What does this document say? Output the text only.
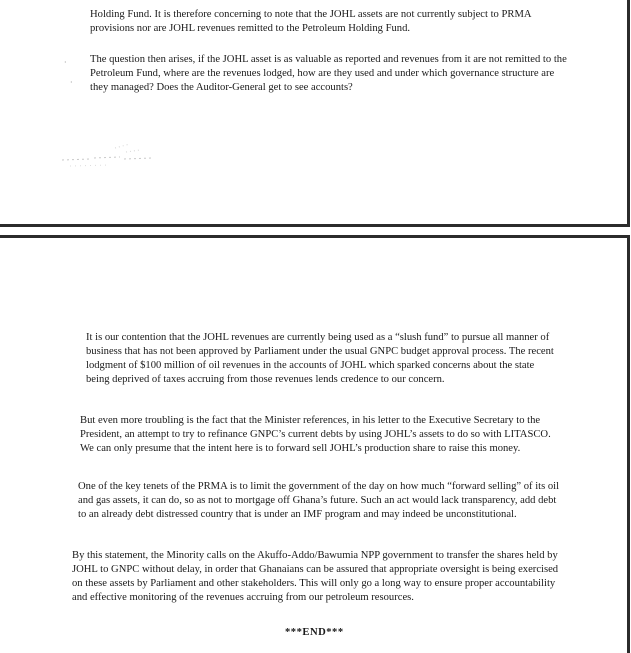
Holding Fund. It is therefore concerning to note that the JOHL assets are not currently subject to PRMA provisions nor are JOHL revenues remitted to the Petroleum Holding Fund.

The question then arises, if the JOHL asset is as valuable as reported and revenues from it are not remitted to the Petroleum Fund, where are the revenues lodged, how are they used and under which governance structure are they managed? Does the Auditor-General get to see accounts?

·
·

It is our contention that the JOHL revenues are currently being used as a “slush fund” to pursue all manner of business that has not been approved by Parliament under the usual GNPC budget approval process. The recent lodgment of $100 million of oil revenues in the accounts of JOHL which sparked concerns about the state being deprived of taxes accruing from those revenues lends credence to our concern.

But even more troubling is the fact that the Minister references, in his letter to the Executive Secretary to the President, an attempt to try to refinance GNPC’s current debts by using JOHL’s assets to do so with LITASCO. We can only presume that the intent here is to forward sell JOHL’s production share to raise this money.

One of the key tenets of the PRMA is to limit the government of the day on how much “forward selling” of its oil and gas assets, it can do, so as not to mortgage off Ghana’s future. Such an act would lack transparency, add debt to an already debt distressed country that is under an IMF program and may indeed be unconstitutional.

By this statement, the Minority calls on the Akuffo-Addo/Bawumia NPP government to transfer the shares held by JOHL to GNPC without delay, in order that Ghanaians can be assured that appropriate oversight is being exercised on these assets by Parliament and other stakeholders. This will only go a long way to ensure proper accountability and effective monitoring of the revenues accruing from our petroleum resources.

***END***
